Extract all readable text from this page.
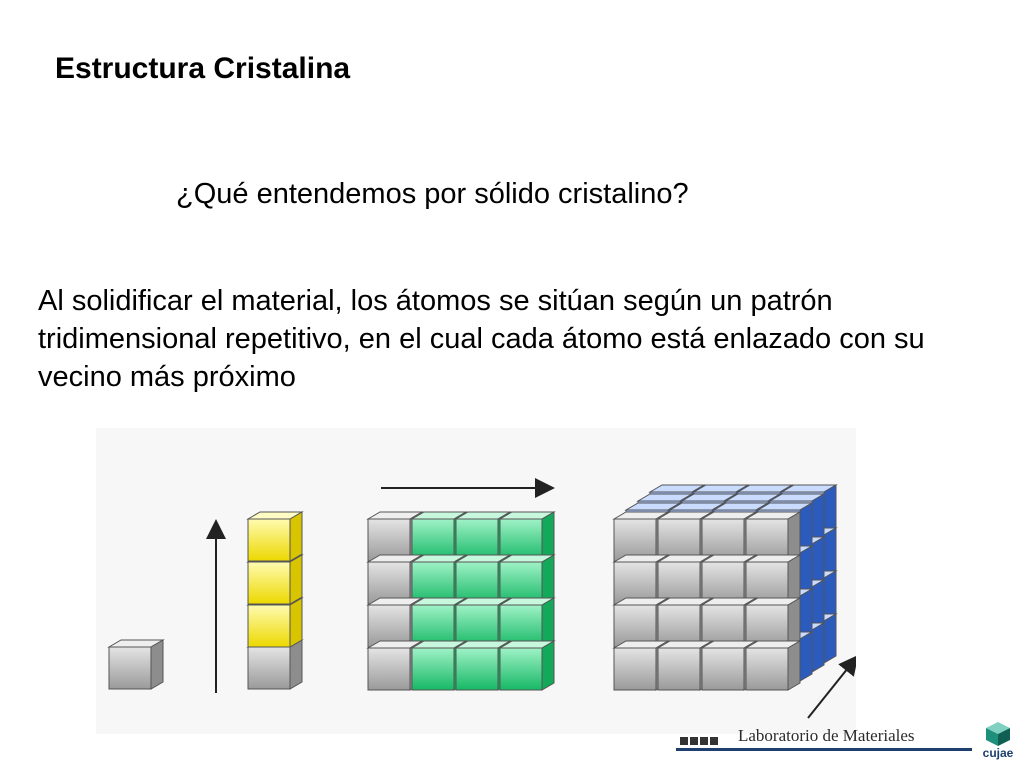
Estructura Cristalina
¿Qué entendemos por sólido cristalino?
Al solidificar el material, los átomos se sitúan según un patrón tridimensional repetitivo, en el cual cada átomo está enlazado con su vecino más próximo
Laboratorio de Materiales
cujae
